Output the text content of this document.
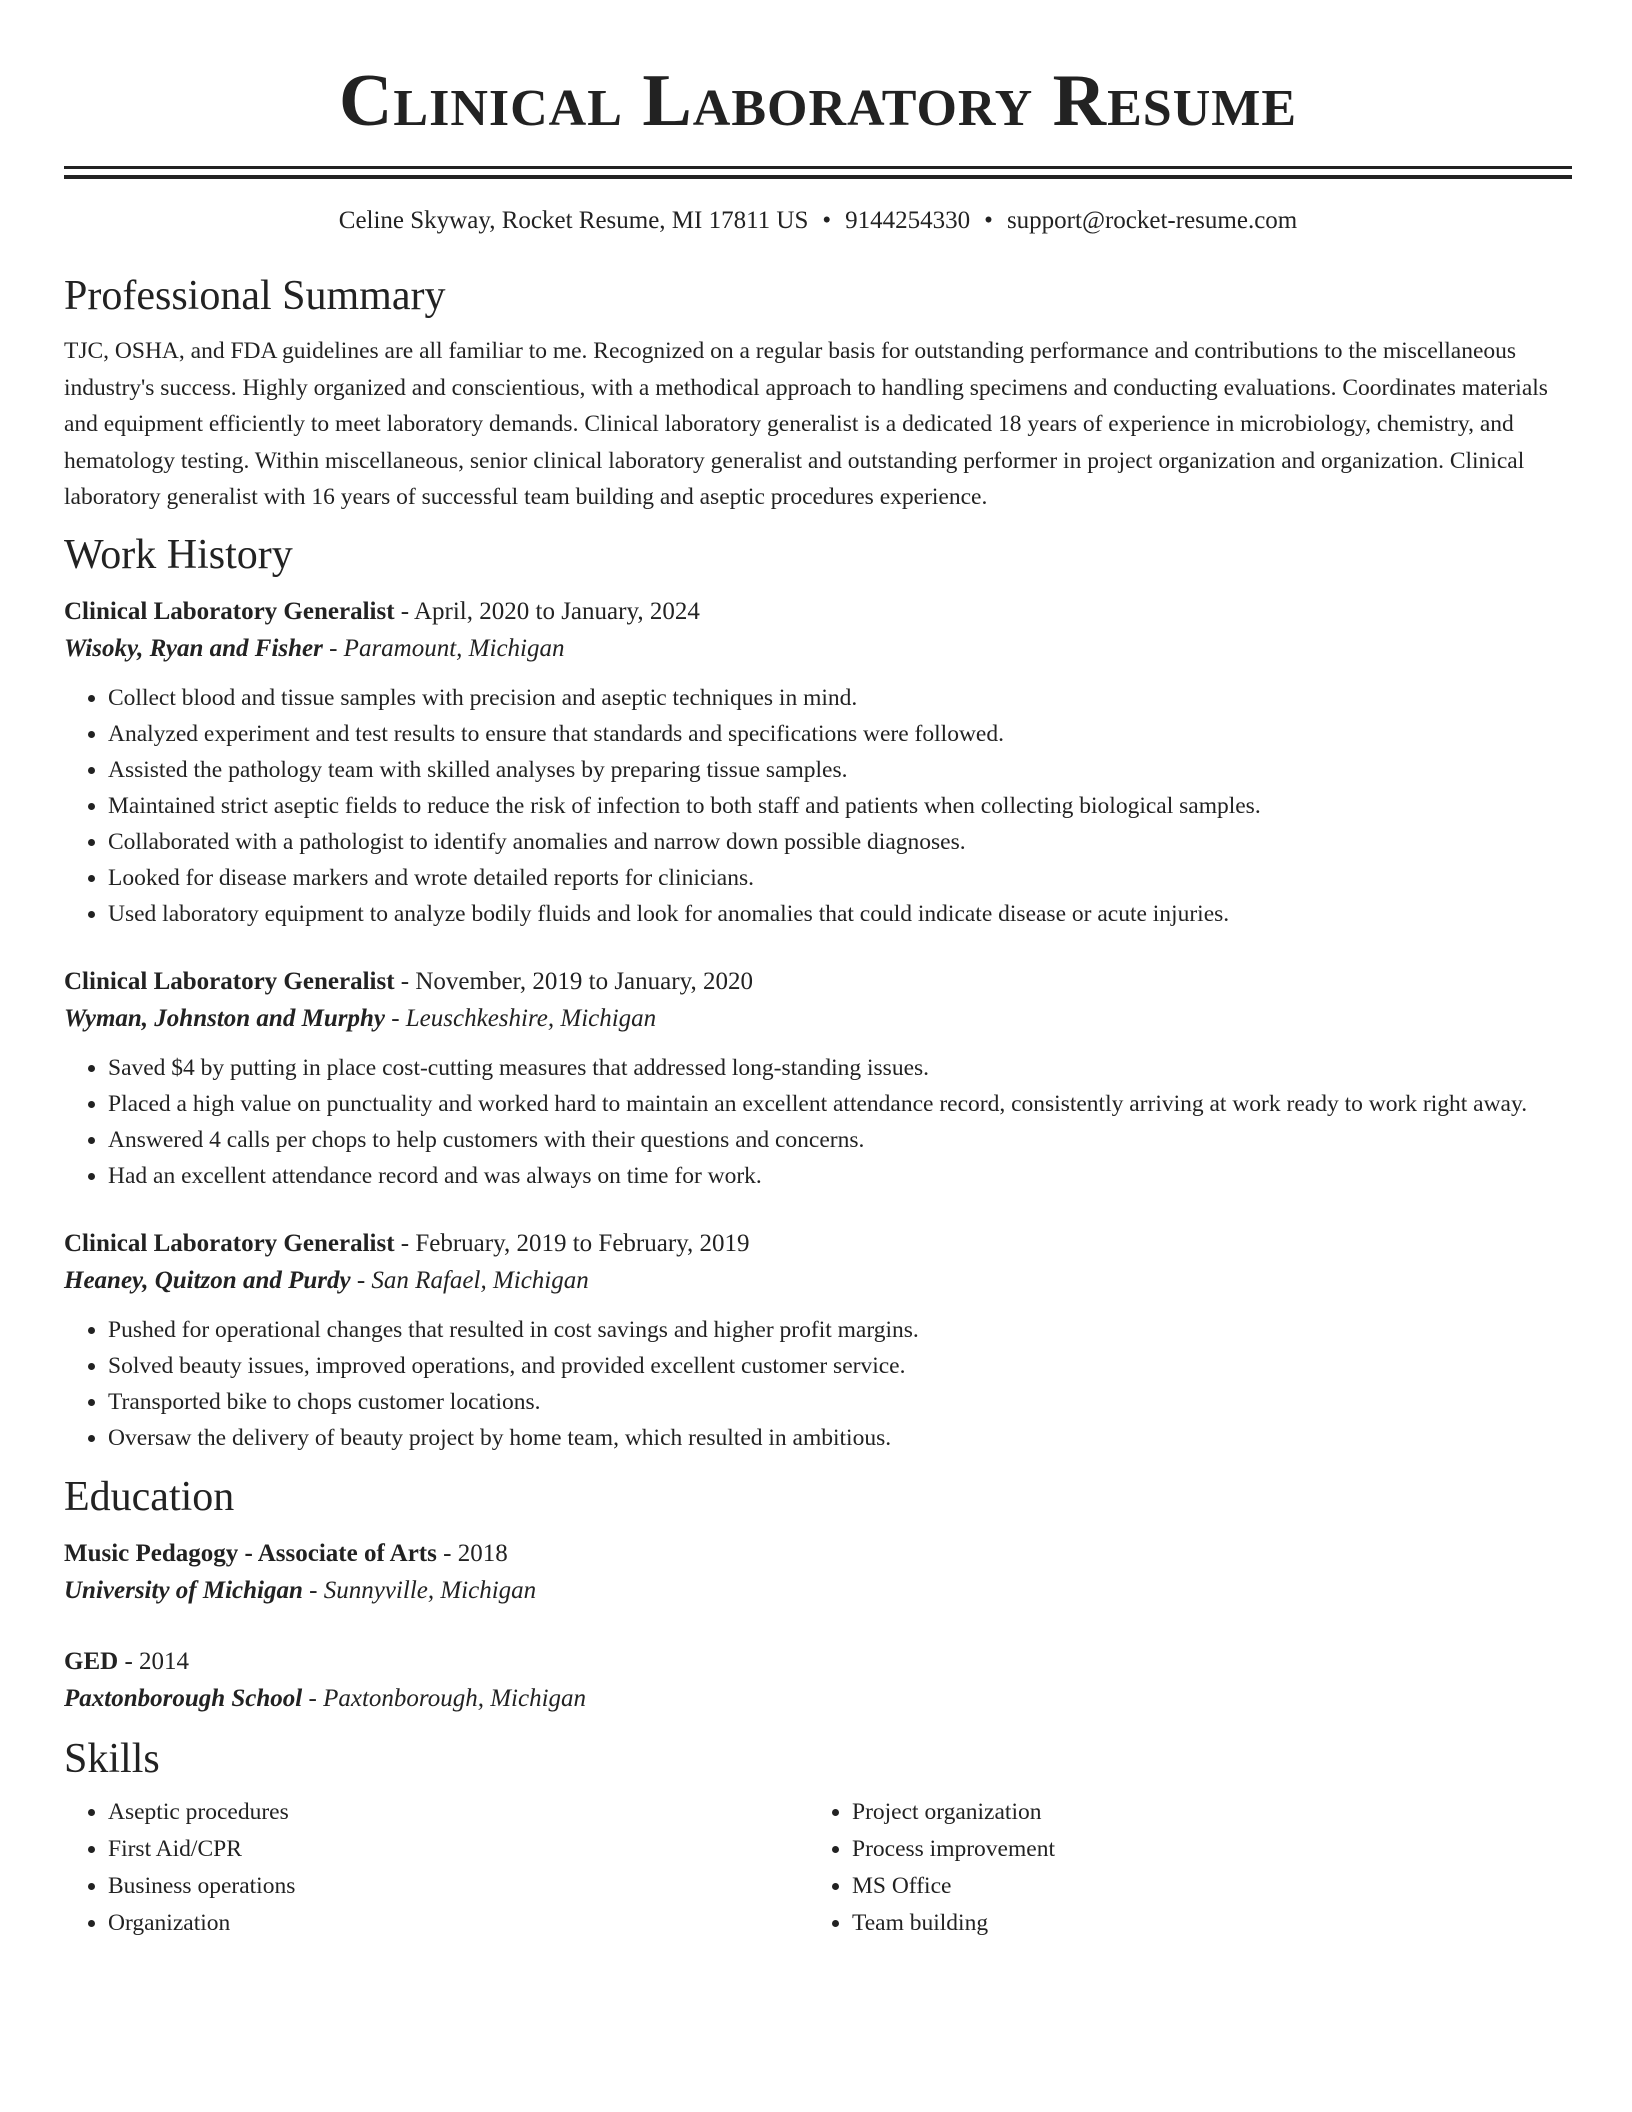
Clinical Laboratory Resume
Celine Skyway, Rocket Resume, MI 17811 US • 9144254330 • support@rocket-resume.com
Professional Summary
TJC, OSHA, and FDA guidelines are all familiar to me. Recognized on a regular basis for outstanding performance and contributions to the miscellaneous industry's success. Highly organized and conscientious, with a methodical approach to handling specimens and conducting evaluations. Coordinates materials and equipment efficiently to meet laboratory demands. Clinical laboratory generalist is a dedicated 18 years of experience in microbiology, chemistry, and hematology testing. Within miscellaneous, senior clinical laboratory generalist and outstanding performer in project organization and organization. Clinical laboratory generalist with 16 years of successful team building and aseptic procedures experience.
Work History
Clinical Laboratory Generalist - April, 2020 to January, 2024
Wisoky, Ryan and Fisher - Paramount, Michigan
• Collect blood and tissue samples with precision and aseptic techniques in mind.
• Analyzed experiment and test results to ensure that standards and specifications were followed.
• Assisted the pathology team with skilled analyses by preparing tissue samples.
• Maintained strict aseptic fields to reduce the risk of infection to both staff and patients when collecting biological samples.
• Collaborated with a pathologist to identify anomalies and narrow down possible diagnoses.
• Looked for disease markers and wrote detailed reports for clinicians.
• Used laboratory equipment to analyze bodily fluids and look for anomalies that could indicate disease or acute injuries.
Clinical Laboratory Generalist - November, 2019 to January, 2020
Wyman, Johnston and Murphy - Leuschkeshire, Michigan
• Saved $4 by putting in place cost-cutting measures that addressed long-standing issues.
• Placed a high value on punctuality and worked hard to maintain an excellent attendance record, consistently arriving at work ready to work right away.
• Answered 4 calls per chops to help customers with their questions and concerns.
• Had an excellent attendance record and was always on time for work.
Clinical Laboratory Generalist - February, 2019 to February, 2019
Heaney, Quitzon and Purdy - San Rafael, Michigan
• Pushed for operational changes that resulted in cost savings and higher profit margins.
• Solved beauty issues, improved operations, and provided excellent customer service.
• Transported bike to chops customer locations.
• Oversaw the delivery of beauty project by home team, which resulted in ambitious.
Education
Music Pedagogy - Associate of Arts - 2018
University of Michigan - Sunnyville, Michigan
GED - 2014
Paxtonborough School - Paxtonborough, Michigan
Skills
• Aseptic procedures
• First Aid/CPR
• Business operations
• Organization
• Project organization
• Process improvement
• MS Office
• Team building
